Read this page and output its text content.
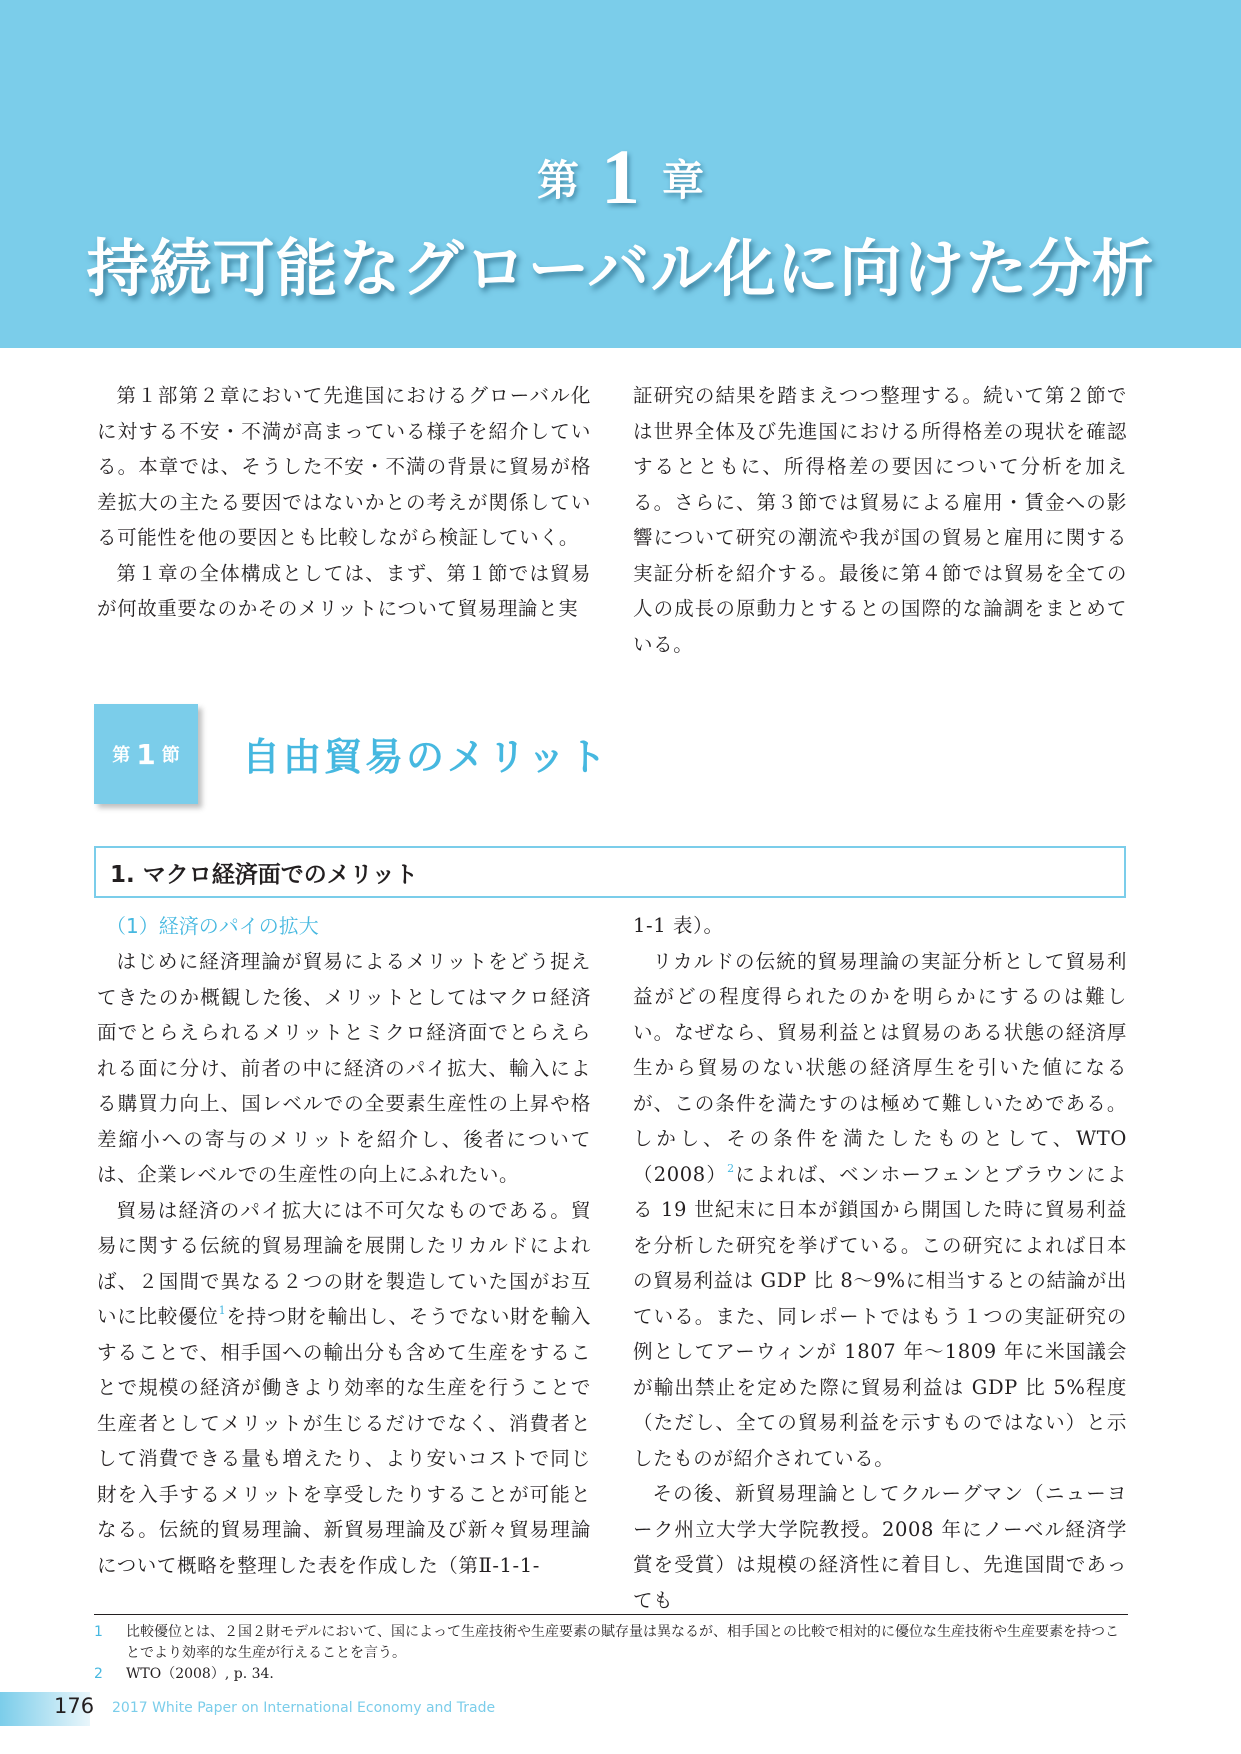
第 1 章
持続可能なグローバル化に向けた分析

第１部第２章において先進国におけるグローバル化に対する不安・不満が高まっている様子を紹介している。本章では、そうした不安・不満の背景に貿易が格差拡大の主たる要因ではないかとの考えが関係している可能性を他の要因とも比較しながら検証していく。

第１章の全体構成としては、まず、第１節では貿易が何故重要なのかそのメリットについて貿易理論と実

証研究の結果を踏まえつつ整理する。続いて第２節では世界全体及び先進国における所得格差の現状を確認するとともに、所得格差の要因について分析を加える。さらに、第３節では貿易による雇用・賃金への影響について研究の潮流や我が国の貿易と雇用に関する実証分析を紹介する。最後に第４節では貿易を全ての人の成長の原動力とするとの国際的な論調をまとめている。

第 1 節 自由貿易のメリット
1. マクロ経済面でのメリット
（1）経済のパイの拡大

はじめに経済理論が貿易によるメリットをどう捉えてきたのか概観した後、メリットとしてはマクロ経済面でとらえられるメリットとミクロ経済面でとらえられる面に分け、前者の中に経済のパイ拡大、輸入による購買力向上、国レベルでの全要素生産性の上昇や格差縮小への寄与のメリットを紹介し、後者については、企業レベルでの生産性の向上にふれたい。

貿易は経済のパイ拡大には不可欠なものである。貿易に関する伝統的貿易理論を展開したリカルドによれば、２国間で異なる２つの財を製造していた国がお互いに比較優位$^1$を持つ財を輸出し、そうでない財を輸入することで、相手国への輸出分も含めて生産をすることで規模の経済が働きより効率的な生産を行うことで生産者としてメリットが生じるだけでなく、消費者として消費できる量も増えたり、より安いコストで同じ財を入手するメリットを享受したりすることが可能となる。伝統的貿易理論、新貿易理論及び新々貿易理論について概略を整理した表を作成した（第Ⅱ-1-1-

1-1 表）。

リカルドの伝統的貿易理論の実証分析として貿易利益がどの程度得られたのかを明らかにするのは難しい。なぜなら、貿易利益とは貿易のある状態の経済厚生から貿易のない状態の経済厚生を引いた値になるが、この条件を満たすのは極めて難しいためである。しかし、その条件を満たしたものとして、$WTO(2008)^2$によれば、ベンホーフェンとブラウンによる 19 世紀末に日本が鎖国から開国した時に貿易利益を分析した研究を挙げている。この研究によれば日本の貿易利益は GDP 比 8～9%に相当するとの結論が出ている。また、同レポートではもう１つの実証研究の例としてアーウィンが 1807 年～1809 年に米国議会が輸出禁止を定めた際に貿易利益は GDP 比 5%程度（ただし、全ての貿易利益を示すものではない）と示したものが紹介されている。

その後、新貿易理論としてクルーグマン（ニューヨーク州立大学大学院教授。2008 年にノーベル経済学賞を受賞）は規模の経済性に着目し、先進国間であっても

1	比較優位とは、２国２財モデルにおいて、国によって生産技術や生産要素の賦存量は異なるが、相手国との比較で相対的に優位な生産技術や生産要素を持つことでより効率的な生産が行えることを言う。
2	WTO（2008）, p. 34.
176 2017 White Paper on International Economy and Trade
